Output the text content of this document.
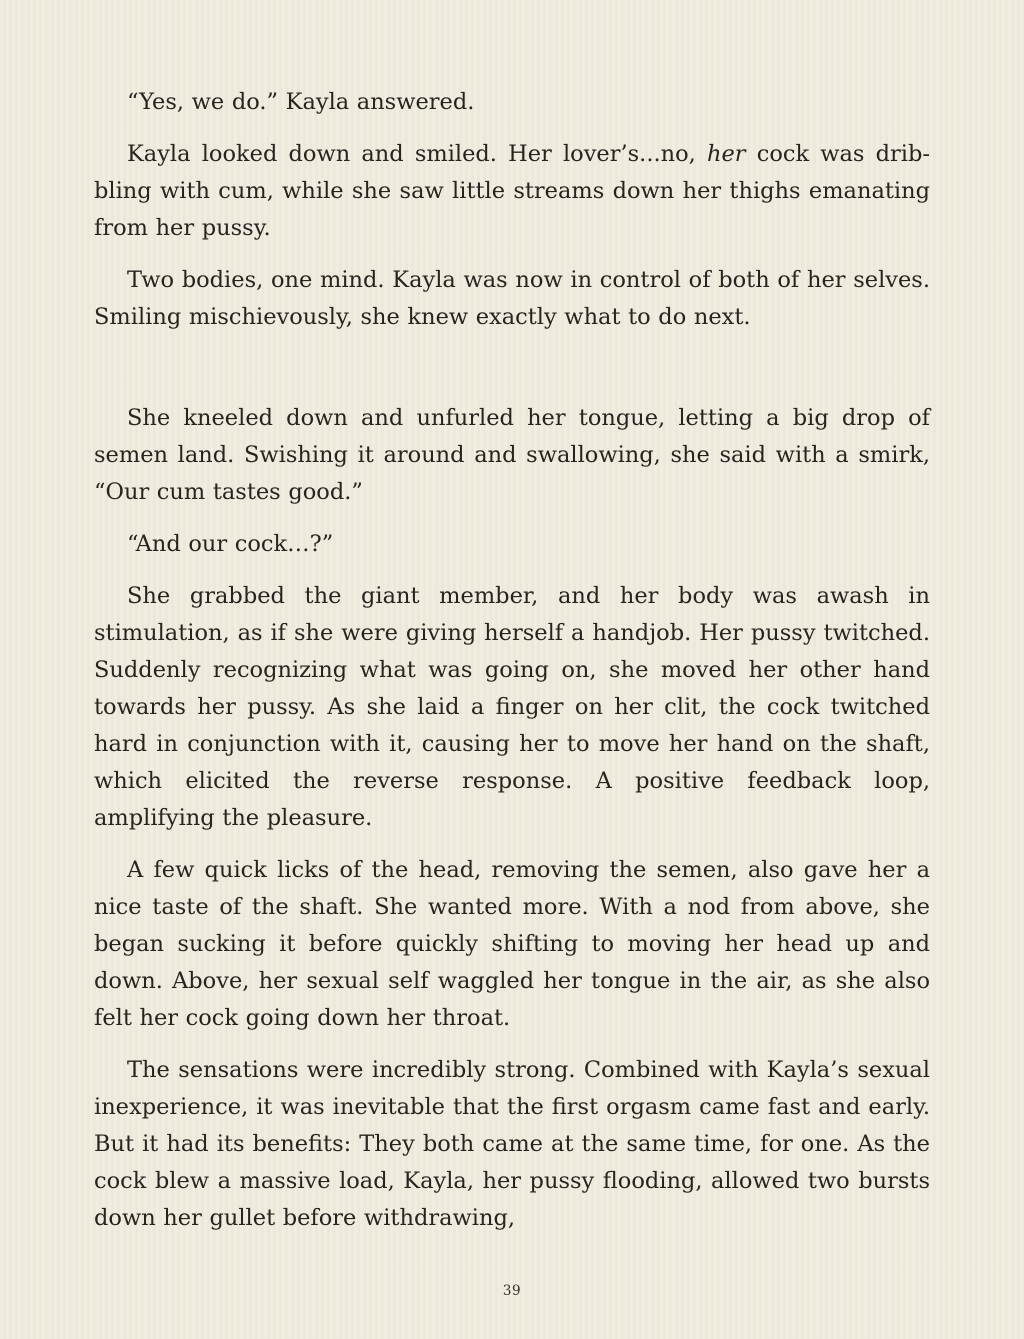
“Yes, we do.” Kayla answered.

Kayla looked down and smiled. Her lover’s...no, her cock was dribbling with cum, while she saw little streams down her thighs emanating from her pussy.

Two bodies, one mind. Kayla was now in control of both of her selves. Smiling mischievously, she knew exactly what to do next.

She kneeled down and unfurled her tongue, letting a big drop of semen land. Swishing it around and swallowing, she said with a smirk, “Our cum tastes good.”

“And our cock…?”

She grabbed the giant member, and her body was awash in stimulation, as if she were giving herself a handjob. Her pussy twitched. Suddenly recognizing what was going on, she moved her other hand towards her pussy. As she laid a finger on her clit, the cock twitched hard in conjunction with it, causing her to move her hand on the shaft, which elicited the reverse response. A positive feedback loop, amplifying the pleasure.

A few quick licks of the head, removing the semen, also gave her a nice taste of the shaft. She wanted more. With a nod from above, she began sucking it before quickly shifting to moving her head up and down. Above, her sexual self waggled her tongue in the air, as she also felt her cock going down her throat.

The sensations were incredibly strong. Combined with Kayla’s sexual inexperience, it was inevitable that the first orgasm came fast and early. But it had its benefits: They both came at the same time, for one. As the cock blew a massive load, Kayla, her pussy flooding, allowed two bursts down her gullet before withdrawing,

39
